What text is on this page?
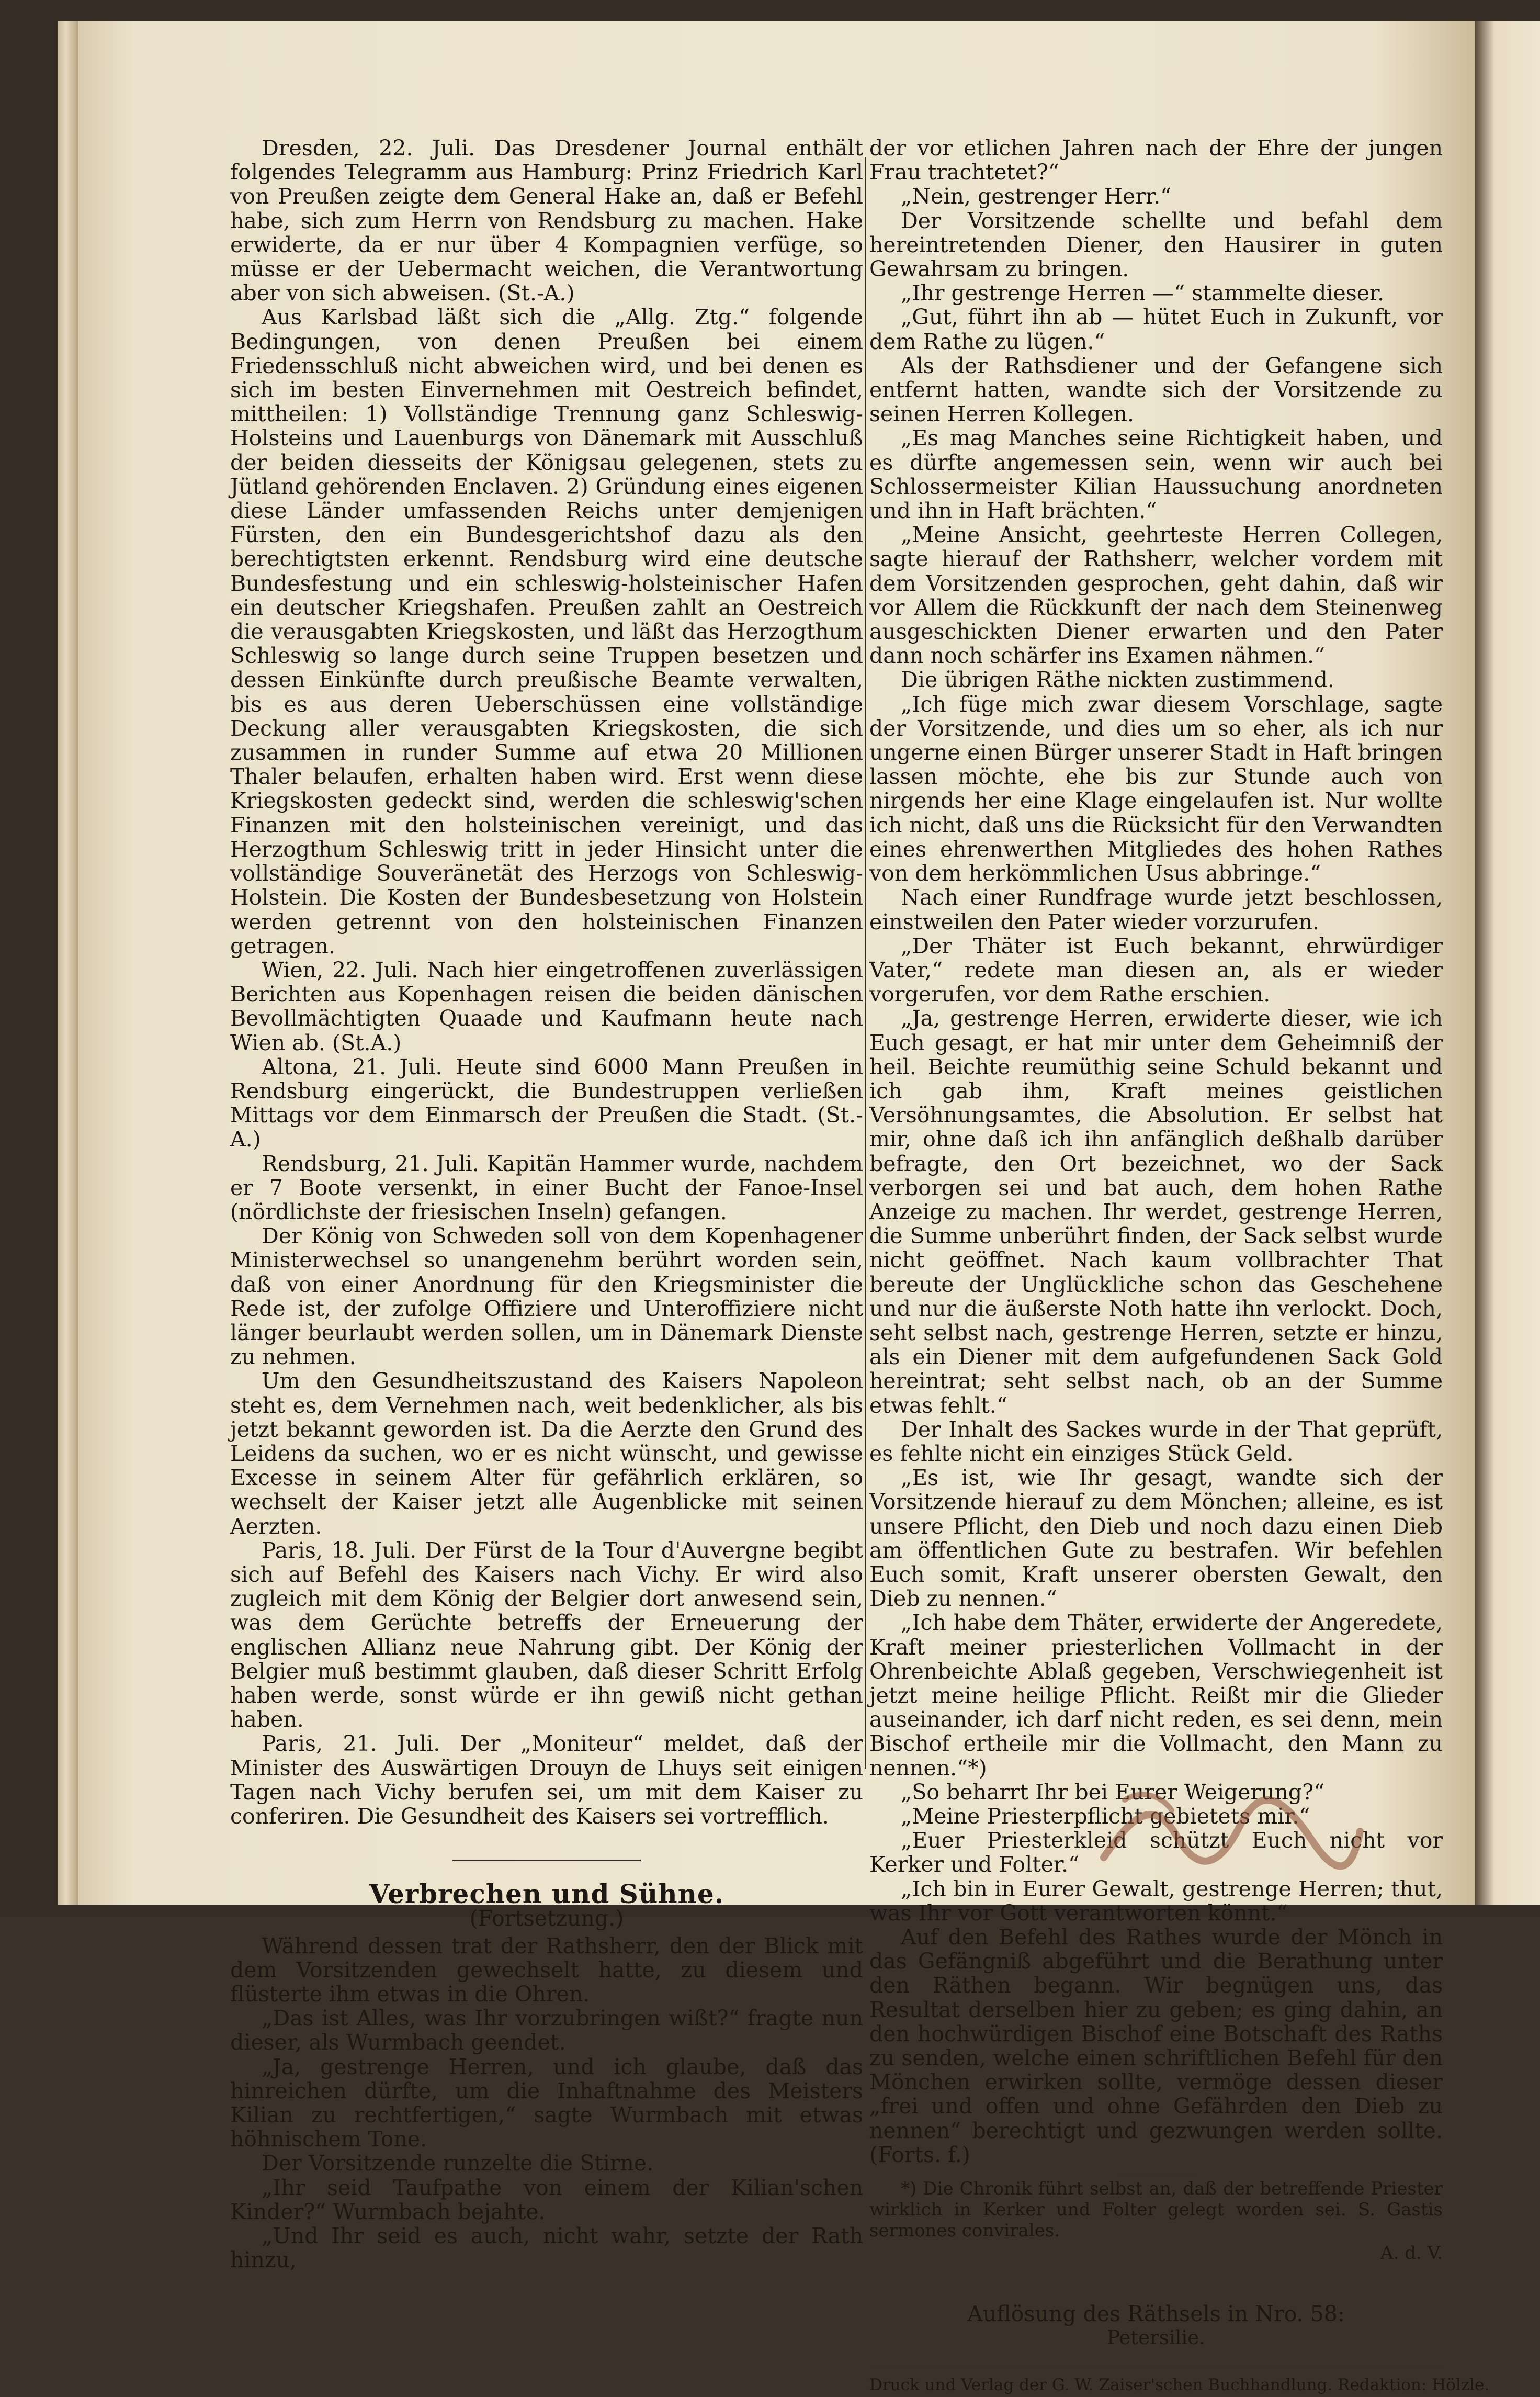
Dresden, 22. Juli. Das Dresdener Journal enthält folgendes Telegramm aus Hamburg: Prinz Friedrich Karl von Preußen zeigte dem General Hake an, daß er Befehl habe, sich zum Herrn von Rendsburg zu machen. Hake erwiderte, da er nur über 4 Kompagnien verfüge, so müsse er der Uebermacht weichen, die Verantwortung aber von sich abweisen. (St.-A.)

Aus Karlsbad läßt sich die „Allg. Ztg.“ folgende Bedingungen, von denen Preußen bei einem Friedensschluß nicht abweichen wird, und bei denen es sich im besten Einvernehmen mit Oestreich befindet, mittheilen: 1) Vollständige Trennung ganz Schleswig-Holsteins und Lauenburgs von Dänemark mit Ausschluß der beiden diesseits der Königsau gelegenen, stets zu Jütland gehörenden Enclaven. 2) Gründung eines eigenen diese Länder umfassenden Reichs unter demjenigen Fürsten, den ein Bundesgerichtshof dazu als den berechtigtsten erkennt. Rendsburg wird eine deutsche Bundesfestung und ein schleswig-holsteinischer Hafen ein deutscher Kriegshafen. Preußen zahlt an Oestreich die verausgabten Kriegskosten, und läßt das Herzogthum Schleswig so lange durch seine Truppen besetzen und dessen Einkünfte durch preußische Beamte verwalten, bis es aus deren Ueberschüssen eine vollständige Deckung aller verausgabten Kriegskosten, die sich zusammen in runder Summe auf etwa 20 Millionen Thaler belaufen, erhalten haben wird. Erst wenn diese Kriegskosten gedeckt sind, werden die schleswig'schen Finanzen mit den holsteinischen vereinigt, und das Herzogthum Schleswig tritt in jeder Hinsicht unter die vollständige Souveränetät des Herzogs von Schleswig-Holstein. Die Kosten der Bundesbesetzung von Holstein werden getrennt von den holsteinischen Finanzen getragen.

Wien, 22. Juli. Nach hier eingetroffenen zuverlässigen Berichten aus Kopenhagen reisen die beiden dänischen Bevollmächtigten Quaade und Kaufmann heute nach Wien ab. (St.A.)

Altona, 21. Juli. Heute sind 6000 Mann Preußen in Rendsburg eingerückt, die Bundestruppen verließen Mittags vor dem Einmarsch der Preußen die Stadt. (St.-A.)

Rendsburg, 21. Juli. Kapitän Hammer wurde, nachdem er 7 Boote versenkt, in einer Bucht der Fanoe-Insel (nördlichste der friesischen Inseln) gefangen.

Der König von Schweden soll von dem Kopenhagener Ministerwechsel so unangenehm berührt worden sein, daß von einer Anordnung für den Kriegsminister die Rede ist, der zufolge Offiziere und Unteroffiziere nicht länger beurlaubt werden sollen, um in Dänemark Dienste zu nehmen.

Um den Gesundheitszustand des Kaisers Napoleon steht es, dem Vernehmen nach, weit bedenklicher, als bis jetzt bekannt geworden ist. Da die Aerzte den Grund des Leidens da suchen, wo er es nicht wünscht, und gewisse Excesse in seinem Alter für gefährlich erklären, so wechselt der Kaiser jetzt alle Augenblicke mit seinen Aerzten.

Paris, 18. Juli. Der Fürst de la Tour d'Auvergne begibt sich auf Befehl des Kaisers nach Vichy. Er wird also zugleich mit dem König der Belgier dort anwesend sein, was dem Gerüchte betreffs der Erneuerung der englischen Allianz neue Nahrung gibt. Der König der Belgier muß bestimmt glauben, daß dieser Schritt Erfolg haben werde, sonst würde er ihn gewiß nicht gethan haben.

Paris, 21. Juli. Der „Moniteur“ meldet, daß der Minister des Auswärtigen Drouyn de Lhuys seit einigen Tagen nach Vichy berufen sei, um mit dem Kaiser zu conferiren. Die Gesundheit des Kaisers sei vortrefflich.

Verbrechen und Sühne.
(Fortsetzung.)

Während dessen trat der Rathsherr, den der Blick mit dem Vorsitzenden gewechselt hatte, zu diesem und flüsterte ihm etwas in die Ohren.

„Das ist Alles, was Ihr vorzubringen wißt?“ fragte nun dieser, als Wurmbach geendet.

„Ja, gestrenge Herren, und ich glaube, daß das hinreichen dürfte, um die Inhaftnahme des Meisters Kilian zu rechtfertigen,“ sagte Wurmbach mit etwas höhnischem Tone.

Der Vorsitzende runzelte die Stirne.

„Ihr seid Taufpathe von einem der Kilian'schen Kinder?“ Wurmbach bejahte.

„Und Ihr seid es auch, nicht wahr, setzte der Rath hinzu,

der vor etlichen Jahren nach der Ehre der jungen Frau trachtetet?“

„Nein, gestrenger Herr.“

Der Vorsitzende schellte und befahl dem hereintretenden Diener, den Hausirer in guten Gewahrsam zu bringen.

„Ihr gestrenge Herren —“ stammelte dieser.

„Gut, führt ihn ab — hütet Euch in Zukunft, vor dem Rathe zu lügen.“

Als der Rathsdiener und der Gefangene sich entfernt hatten, wandte sich der Vorsitzende zu seinen Herren Kollegen.

„Es mag Manches seine Richtigkeit haben, und es dürfte angemessen sein, wenn wir auch bei Schlossermeister Kilian Haussuchung anordneten und ihn in Haft brächten.“

„Meine Ansicht, geehrteste Herren Collegen, sagte hierauf der Rathsherr, welcher vordem mit dem Vorsitzenden gesprochen, geht dahin, daß wir vor Allem die Rückkunft der nach dem Steinenweg ausgeschickten Diener erwarten und den Pater dann noch schärfer ins Examen nähmen.“

Die übrigen Räthe nickten zustimmend.

„Ich füge mich zwar diesem Vorschlage, sagte der Vorsitzende, und dies um so eher, als ich nur ungerne einen Bürger unserer Stadt in Haft bringen lassen möchte, ehe bis zur Stunde auch von nirgends her eine Klage eingelaufen ist. Nur wollte ich nicht, daß uns die Rücksicht für den Verwandten eines ehrenwerthen Mitgliedes des hohen Rathes von dem herkömmlichen Usus abbringe.“

Nach einer Rundfrage wurde jetzt beschlossen, einstweilen den Pater wieder vorzurufen.

„Der Thäter ist Euch bekannt, ehrwürdiger Vater,“ redete man diesen an, als er wieder vorgerufen, vor dem Rathe erschien.

„Ja, gestrenge Herren, erwiderte dieser, wie ich Euch gesagt, er hat mir unter dem Geheimniß der heil. Beichte reumüthig seine Schuld bekannt und ich gab ihm, Kraft meines geistlichen Versöhnungsamtes, die Absolution. Er selbst hat mir, ohne daß ich ihn anfänglich deßhalb darüber befragte, den Ort bezeichnet, wo der Sack verborgen sei und bat auch, dem hohen Rathe Anzeige zu machen. Ihr werdet, gestrenge Herren, die Summe unberührt finden, der Sack selbst wurde nicht geöffnet. Nach kaum vollbrachter That bereute der Unglückliche schon das Geschehene und nur die äußerste Noth hatte ihn verlockt. Doch, seht selbst nach, gestrenge Herren, setzte er hinzu, als ein Diener mit dem aufgefundenen Sack Gold hereintrat; seht selbst nach, ob an der Summe etwas fehlt.“

Der Inhalt des Sackes wurde in der That geprüft, es fehlte nicht ein einziges Stück Geld.

„Es ist, wie Ihr gesagt, wandte sich der Vorsitzende hierauf zu dem Mönchen; alleine, es ist unsere Pflicht, den Dieb und noch dazu einen Dieb am öffentlichen Gute zu bestrafen. Wir befehlen Euch somit, Kraft unserer obersten Gewalt, den Dieb zu nennen.“

„Ich habe dem Thäter, erwiderte der Angeredete, Kraft meiner priesterlichen Vollmacht in der Ohrenbeichte Ablaß gegeben, Verschwiegenheit ist jetzt meine heilige Pflicht. Reißt mir die Glieder auseinander, ich darf nicht reden, es sei denn, mein Bischof ertheile mir die Vollmacht, den Mann zu nennen.“*)

„So beharrt Ihr bei Eurer Weigerung?“

„Meine Priesterpflicht gebietets mir.“

„Euer Priesterkleid schützt Euch nicht vor Kerker und Folter.“

„Ich bin in Eurer Gewalt, gestrenge Herren; thut, was Ihr vor Gott verantworten könnt.“

Auf den Befehl des Rathes wurde der Mönch in das Gefängniß abgeführt und die Berathung unter den Räthen begann. Wir begnügen uns, das Resultat derselben hier zu geben; es ging dahin, an den hochwürdigen Bischof eine Botschaft des Raths zu senden, welche einen schriftlichen Befehl für den Mönchen erwirken sollte, vermöge dessen dieser „frei und offen und ohne Gefährden den Dieb zu nennen“ berechtigt und gezwungen werden sollte. (Forts. f.)

*) Die Chronik führt selbst an, daß der betreffende Priester wirklich in Kerker und Folter gelegt worden sei. S. Gastis sermones convirales.

A. d. V.

Auflösung des Räthsels in Nro. 58:
Petersilie.
Druck und Verlag der G. W. Zaiser'schen Buchhandlung. Redaktion: Hölzle.
